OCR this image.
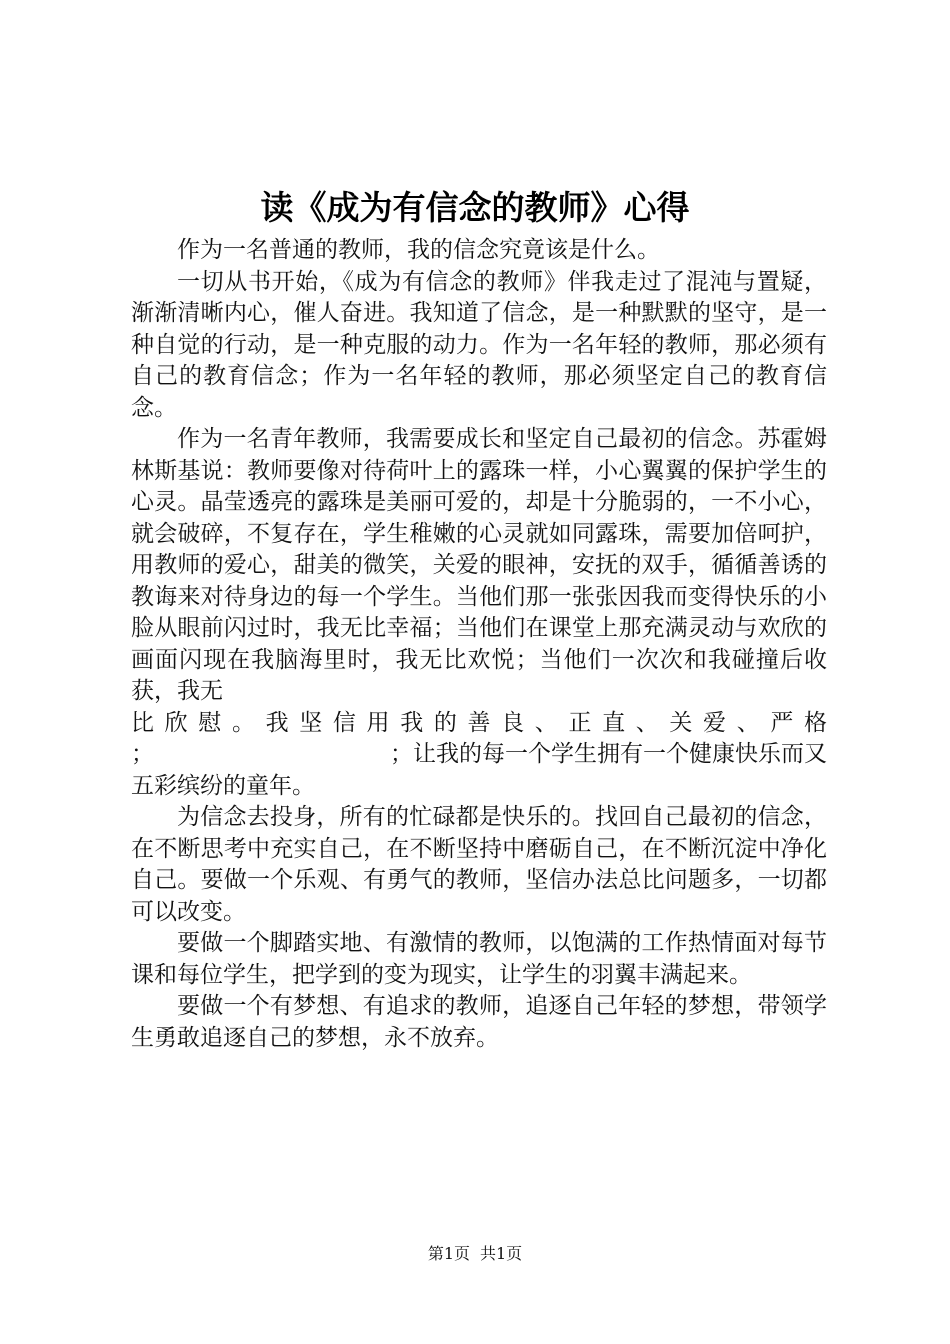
读《成为有信念的教师》心得

作为一名普通的教师，我的信念究竟该是什么。

一切从书开始，《成为有信念的教师》伴我走过了混沌与置疑，渐渐清晰内心，催人奋进。我知道了信念，是一种默默的坚守，是一种自觉的行动，是一种克服的动力。作为一名年轻的教师，那必须有自己的教育信念；作为一名年轻的教师，那必须坚定自己的教育信念。

作为一名青年教师，我需要成长和坚定自己最初的信念。苏霍姆林斯基说：教师要像对待荷叶上的露珠一样，小心翼翼的保护学生的心灵。晶莹透亮的露珠是美丽可爱的，却是十分脆弱的，一不小心，就会破碎，不复存在，学生稚嫩的心灵就如同露珠，需要加倍呵护，用教师的爱心，甜美的微笑，关爱的眼神，安抚的双手，循循善诱的教诲来对待身边的每一个学生。当他们那一张张因我而变得快乐的小脸从眼前闪过时，我无比幸福；当他们在课堂上那充满灵动与欢欣的画面闪现在我脑海里时，我无比欢悦；当他们一次次和我碰撞后收获，我无
比欣慰。我坚信用我的善良、正直、关爱、严格
；	；让我的每一个学生拥有一个健康快乐而又
五彩缤纷的童年。

为信念去投身，所有的忙碌都是快乐的。找回自己最初的信念，在不断思考中充实自己，在不断坚持中磨砺自己，在不断沉淀中净化自己。要做一个乐观、有勇气的教师，坚信办法总比问题多，一切都可以改变。

要做一个脚踏实地、有激情的教师，以饱满的工作热情面对每节课和每位学生，把学到的变为现实，让学生的羽翼丰满起来。

要做一个有梦想、有追求的教师，追逐自己年轻的梦想，带领学生勇敢追逐自己的梦想，永不放弃。

第1页 共1页
